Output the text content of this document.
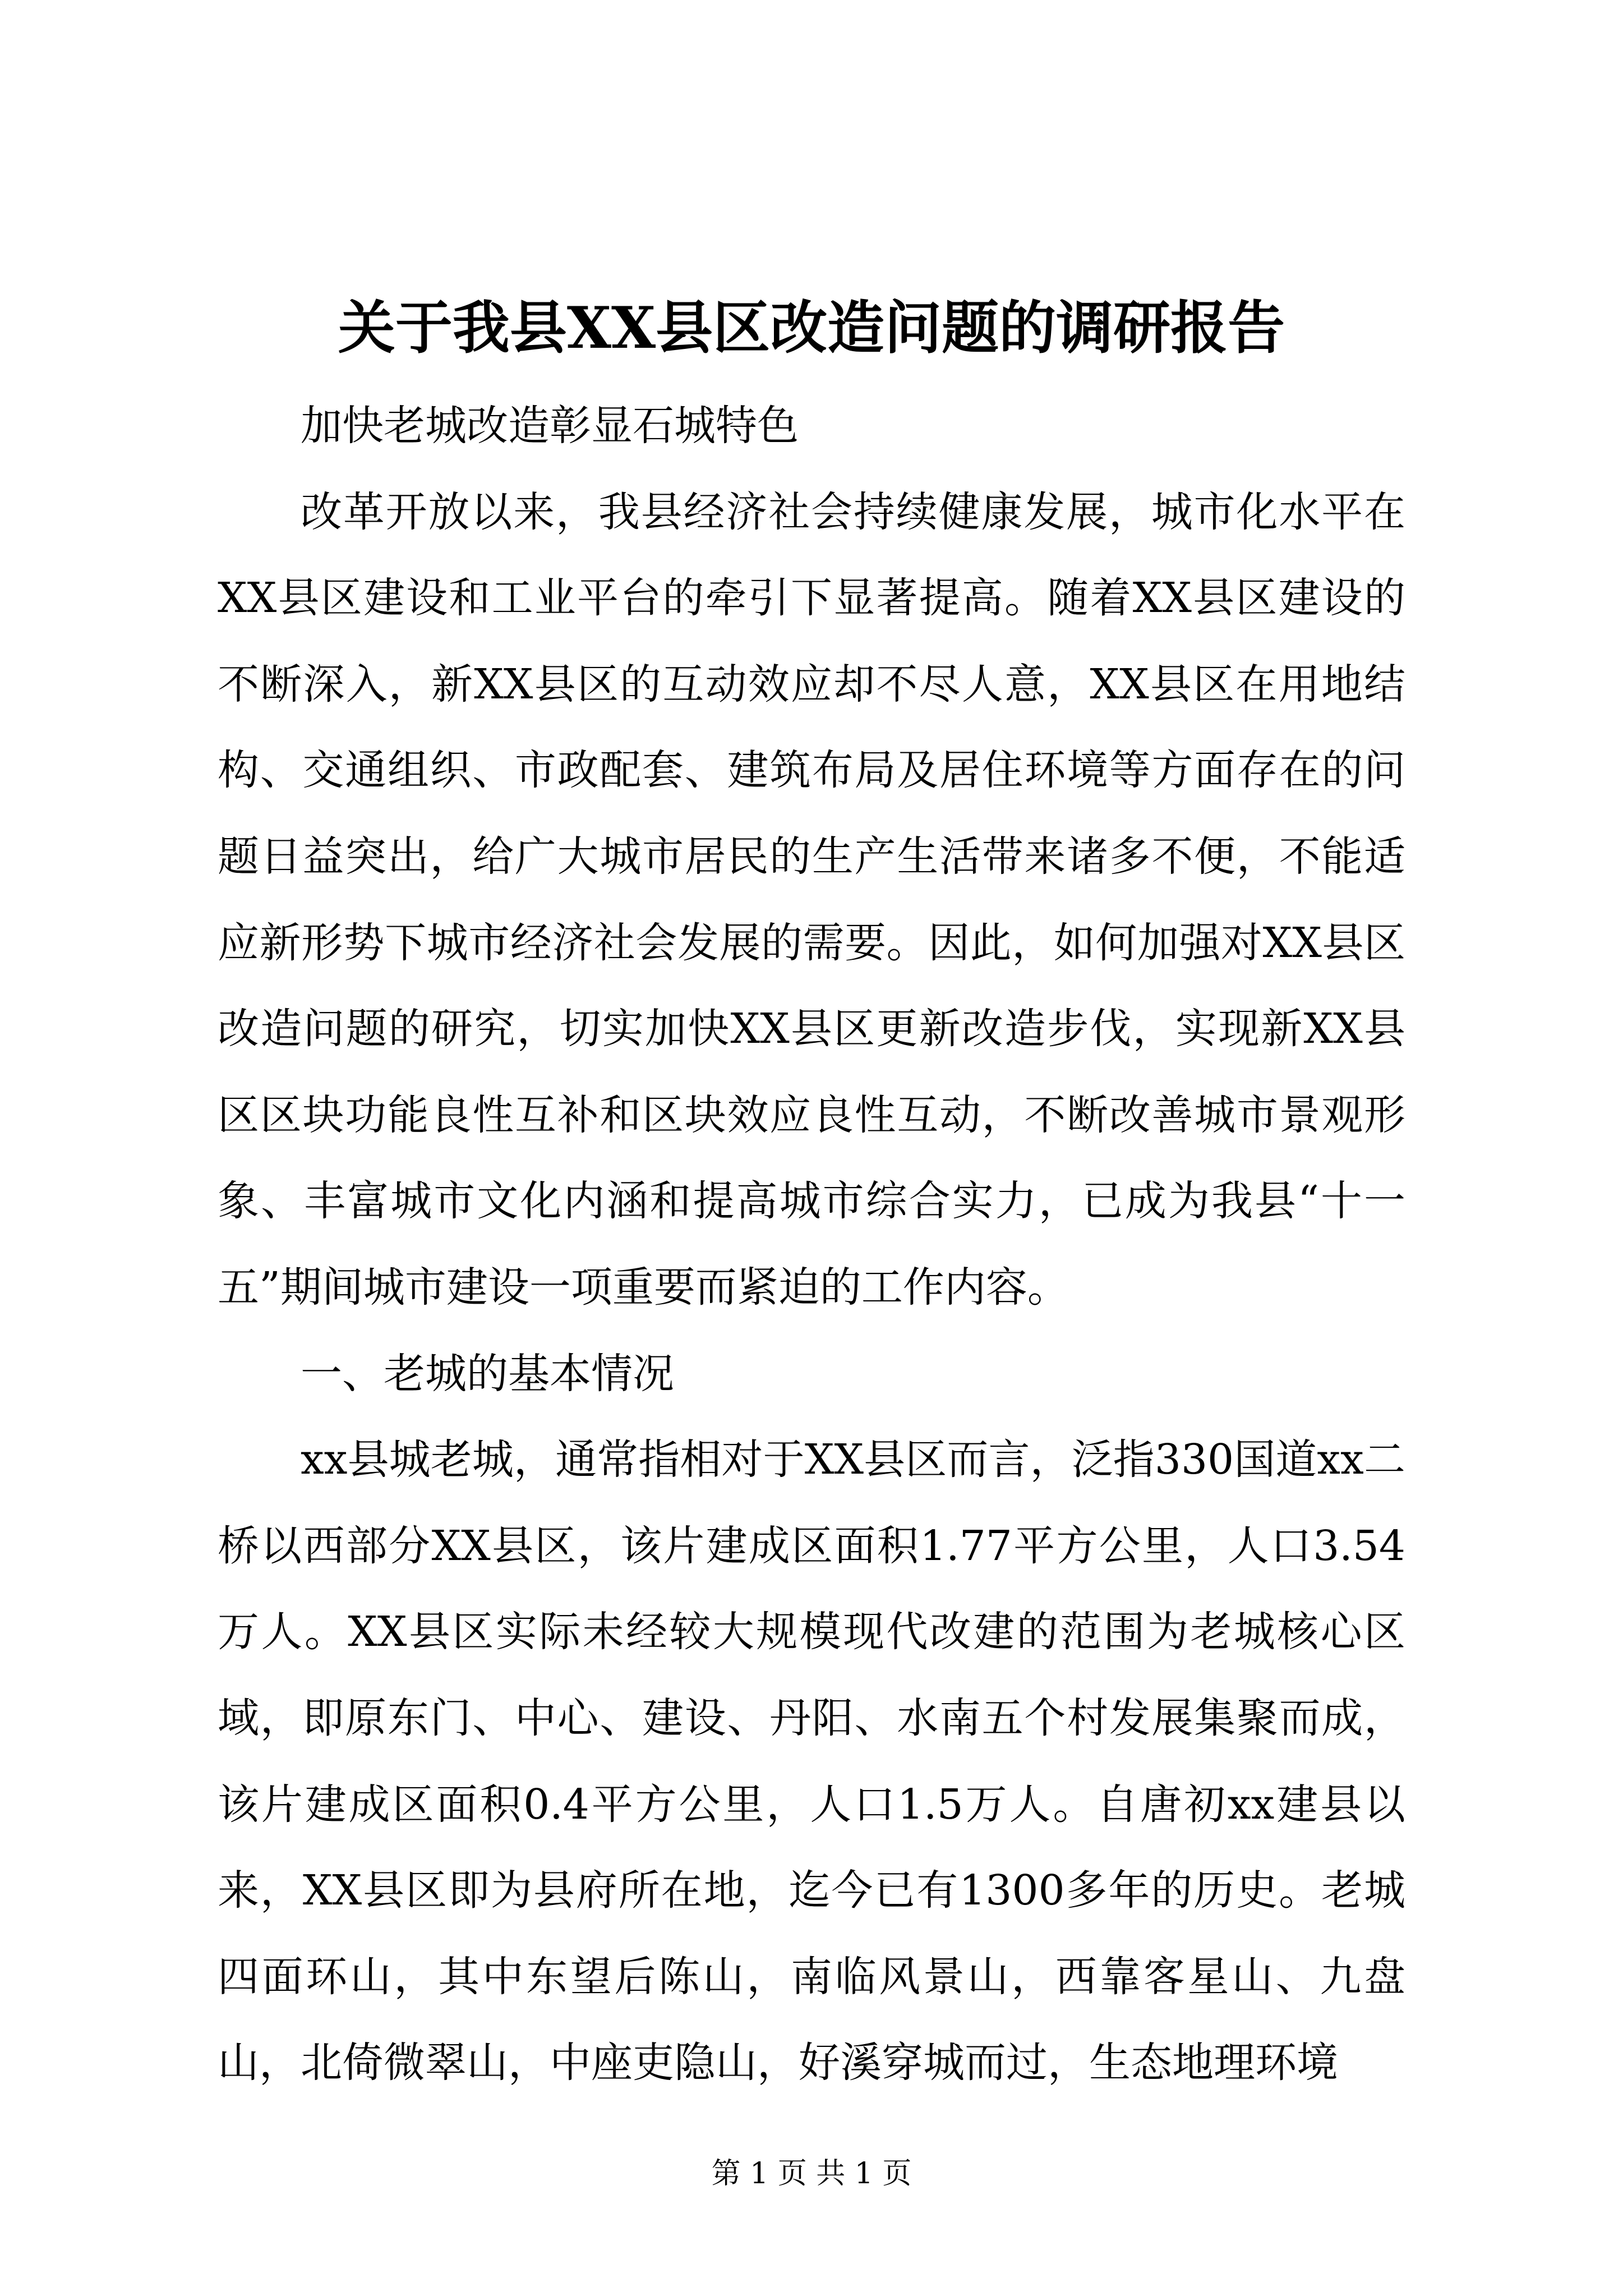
关于我县XX县区改造问题的调研报告

加快老城改造彰显石城特色

改革开放以来，我县经济社会持续健康发展，城市化水平在XX县区建设和工业平台的牵引下显著提高。随着XX县区建设的不断深入，新XX县区的互动效应却不尽人意，XX县区在用地结构、交通组织、市政配套、建筑布局及居住环境等方面存在的问题日益突出，给广大城市居民的生产生活带来诸多不便，不能适应新形势下城市经济社会发展的需要。因此，如何加强对XX县区改造问题的研究，切实加快XX县区更新改造步伐，实现新XX县区区块功能良性互补和区块效应良性互动，不断改善城市景观形象、丰富城市文化内涵和提高城市综合实力，已成为我县“十一五”期间城市建设一项重要而紧迫的工作内容。

一、老城的基本情况

xx县城老城，通常指相对于XX县区而言，泛指330国道xx二桥以西部分XX县区，该片建成区面积1.77平方公里，人口3.54万人。XX县区实际未经较大规模现代改建的范围为老城核心区域，即原东门、中心、建设、丹阳、水南五个村发展集聚而成，该片建成区面积0.4平方公里，人口1.5万人。自唐初xx建县以来，XX县区即为县府所在地，迄今已有1300多年的历史。老城四面环山，其中东望后陈山，南临风景山，西靠客星山、九盘山，北倚微翠山，中座吏隐山，好溪穿城而过，生态地理环境

第 1 页 共 1 页
